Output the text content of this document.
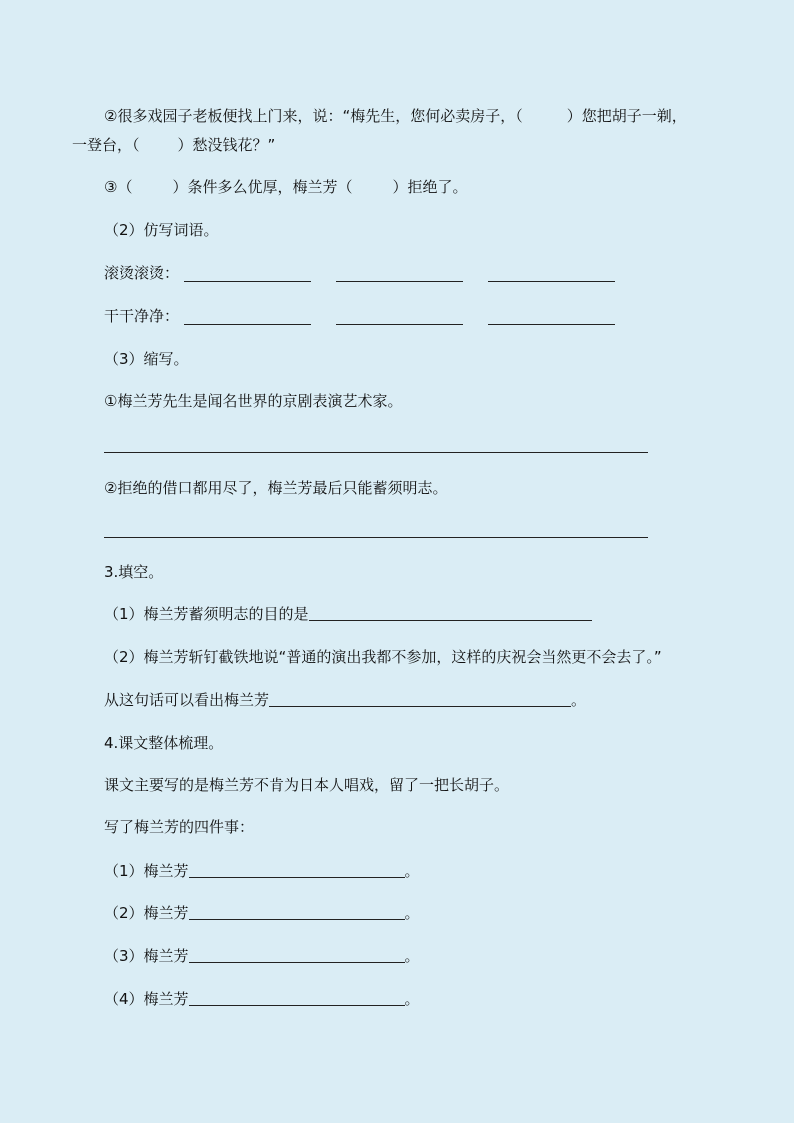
②很多戏园子老板便找上门来，说：“梅先生，您何必卖房子，（	）您把胡子一剃，
一登台，（	）愁没钱花？”
③（	）条件多么优厚，梅兰芳（	）拒绝了。
（2）仿写词语。
滚烫滚烫：
干干净净：
（3）缩写。
①梅兰芳先生是闻名世界的京剧表演艺术家。
②拒绝的借口都用尽了，梅兰芳最后只能蓄须明志。
3.填空。
（1）梅兰芳蓄须明志的目的是
（2）梅兰芳斩钉截铁地说“普通的演出我都不参加，这样的庆祝会当然更不会去了。”
从这句话可以看出梅兰芳	。
4.课文整体梳理。
课文主要写的是梅兰芳不肯为日本人唱戏，留了一把长胡子。
写了梅兰芳的四件事：
（1）梅兰芳	。
（2）梅兰芳	。
（3）梅兰芳	。
（4）梅兰芳	。
